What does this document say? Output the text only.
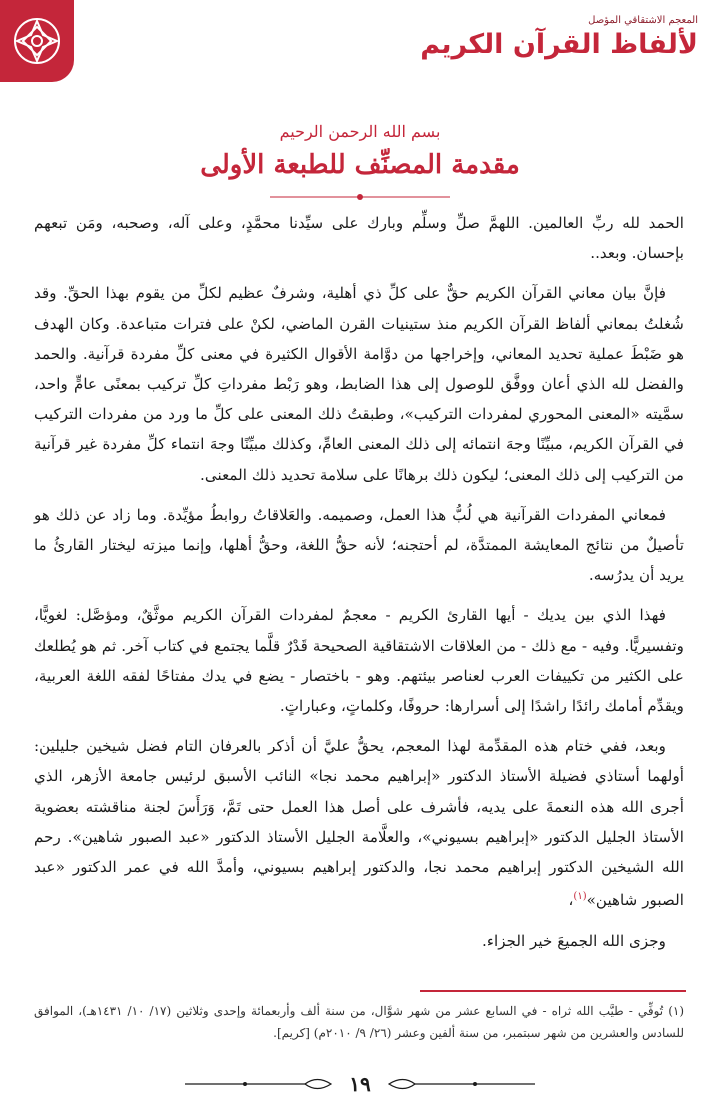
المعجم الاشتقاقي المؤصل
لألفاظ القرآن الكريم
بسم الله الرحمن الرحيم
مقدمة المصنِّف للطبعة الأولى

الحمد لله ربِّ العالمين. اللهمَّ صلِّ وسلِّم وبارك على سيِّدنا محمَّدٍ، وعلى آله، وصحبه، ومَن تبعهم بإحسان. وبعد..

فإنَّ بيان معاني القرآن الكريم حقٌّ على كلِّ ذي أهلية، وشرفٌ عظيم لكلِّ من يقوم بهذا الحقِّ. وقد شُغلتُ بمعاني ألفاظ القرآن الكريم منذ ستينيات القرن الماضي، لكنْ على فترات متباعدة. وكان الهدف هو ضَبْطَ عملية تحديد المعاني، وإخراجها من دوَّامة الأقوال الكثيرة في معنى كلِّ مفردة قرآنية. والحمد والفضل لله الذي أعان ووفَّق للوصول إلى هذا الضابط، وهو رَبْط مفرداتِ كلِّ تركيب بمعنًى عامٍّ واحد، سمَّيته «المعنى المحوري لمفردات التركيب»، وطبقتُ ذلك المعنى على كلِّ ما ورد من مفردات التركيب في القرآن الكريم، مبيِّنًا وجهَ انتمائه إلى ذلك المعنى العامِّ، وكذلك مبيِّنًا وجهَ انتماء كلِّ مفردة غير قرآنية من التركيب إلى ذلك المعنى؛ ليكون ذلك برهانًا على سلامة تحديد ذلك المعنى.

فمعاني المفردات القرآنية هي لُبُّ هذا العمل، وصميمه. والعَلاقاتُ روابطُ مؤيِّدة. وما زاد عن ذلك هو تأصيلٌ من نتائج المعايشة الممتدَّة، لم أحتجنه؛ لأنه حقُّ اللغة، وحقُّ أهلها، وإنما ميزته ليختار القارئُ ما يريد أن يدرُسه.

فهذا الذي بين يديك - أيها القارئ الكريم - معجمٌ لمفردات القرآن الكريم موثَّقٌ، ومؤصَّل: لغويًّا، وتفسيريًّا. وفيه - مع ذلك - من العلاقات الاشتقاقية الصحيحة قَدْرٌ قلَّما يجتمع في كتاب آخر. ثم هو يُطلعك على الكثير من تكييفات العرب لعناصر بيئتهم. وهو - باختصار - يضع في يدك مفتاحًا لفقه اللغة العربية، ويقدِّم أمامك رائدًا راشدًا إلى أسرارها: حروفًا، وكلماتٍ، وعباراتٍ.

وبعد، ففي ختام هذه المقدِّمة لهذا المعجم، يحقُّ عليَّ أن أذكر بالعرفان التام فضل شيخين جليلين: أولهما أستاذي فضيلة الأستاذ الدكتور «إبراهيم محمد نجا» النائب الأسبق لرئيس جامعة الأزهر، الذي أجرى الله هذه النعمةَ على يديه، فأشرف على أصل هذا العمل حتى تَمَّ، وَرَأَسَ لجنة مناقشته بعضوية الأستاذ الجليل الدكتور «إبراهيم بسيوني»، والعلَّامة الجليل الأستاذ الدكتور «عبد الصبور شاهين». رحم الله الشيخين الدكتور إبراهيم محمد نجا، والدكتور إبراهيم بسيوني، وأمدَّ الله في عمر الدكتور «عبد الصبور شاهين»$^{(١)}$،

وجزى الله الجميعَ خير الجزاء.

(١) تُوفِّي - طيَّب الله ثراه - في السابع عشر من شهر شوَّال، من سنة ألف وأربعمائة وإحدى وثلاثين (١٧/ ١٠/ ١٤٣١هـ)، الموافق للسادس والعشرين من شهر سبتمبر، من سنة ألفين وعشر (٢٦/ ٩/ ٢٠١٠م) [كريم].
١٩
